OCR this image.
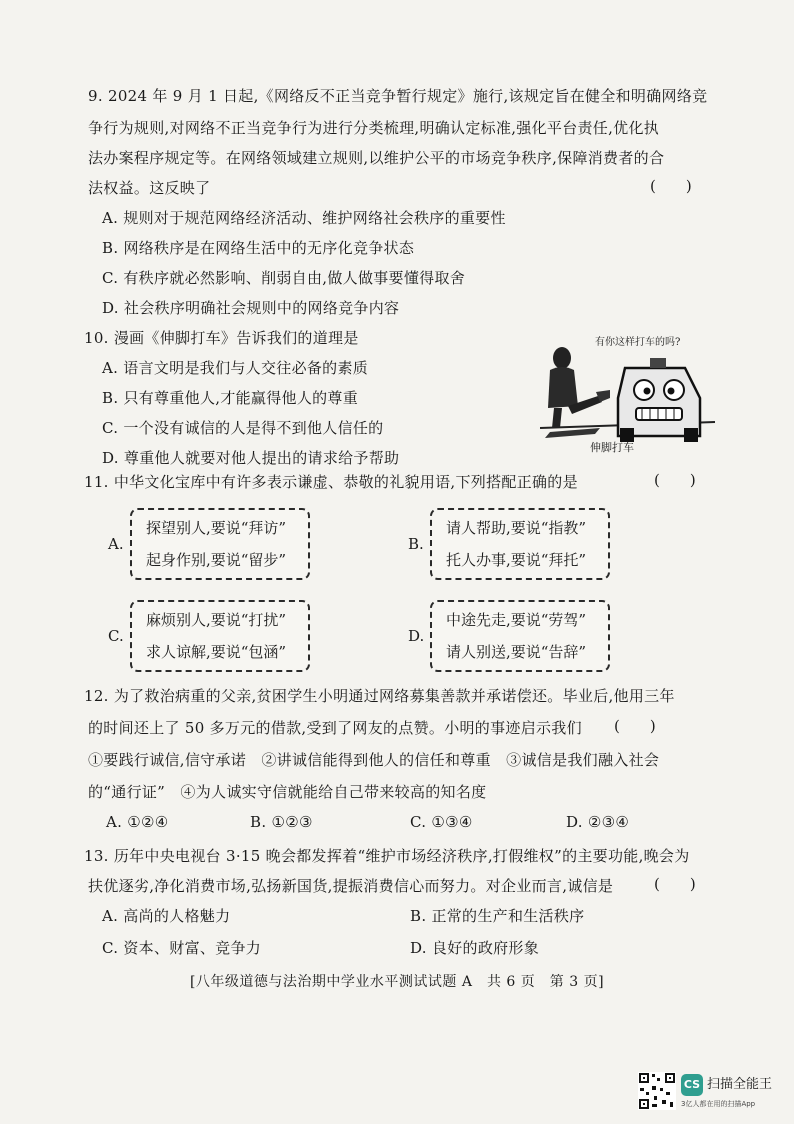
9. 2024 年 9 月 1 日起,《网络反不正当竞争暂行规定》施行,该规定旨在健全和明确网络竞
争行为规则,对网络不正当竞争行为进行分类梳理,明确认定标准,强化平台责任,优化执
法办案程序规定等。在网络领域建立规则,以维护公平的市场竞争秩序,保障消费者的合
法权益。这反映了	(　　)
A. 规则对于规范网络经济活动、维护网络社会秩序的重要性
B. 网络秩序是在网络生活中的无序化竞争状态
C. 有秩序就必然影响、削弱自由,做人做事要懂得取舍
D. 社会秩序明确社会规则中的网络竞争内容
10. 漫画《伸脚打车》告诉我们的道理是
A. 语言文明是我们与人交往必备的素质
B. 只有尊重他人,才能赢得他人的尊重
C. 一个没有诚信的人是得不到他人信任的
D. 尊重他人就要对他人提出的请求给予帮助
有你这样打车的吗?
伸脚打车
11. 中华文化宝库中有许多表示谦虚、恭敬的礼貌用语,下列搭配正确的是	(　　)
A.
探望别人,要说“拜访”
起身作别,要说“留步”
B.
请人帮助,要说“指教”
托人办事,要说“拜托”
C.
麻烦别人,要说“打扰”
求人谅解,要说“包涵”
D.
中途先走,要说“劳驾”
请人别送,要说“告辞”
12. 为了救治病重的父亲,贫困学生小明通过网络募集善款并承诺偿还。毕业后,他用三年
的时间还上了 50 多万元的借款,受到了网友的点赞。小明的事迹启示我们 (　　)
①要践行诚信,信守承诺　②讲诚信能得到他人的信任和尊重　③诚信是我们融入社会
的“通行证”　④为人诚实守信就能给自己带来较高的知名度
A. ①②④	B. ①②③	C. ①③④	D. ②③④
13. 历年中央电视台 3·15 晚会都发挥着“维护市场经济秩序,打假维权”的主要功能,晚会为
扶优逐劣,净化消费市场,弘扬新国货,提振消费信心而努力。对企业而言,诚信是	(　　)
A. 高尚的人格魅力	B. 正常的生产和生活秩序
C. 资本、财富、竞争力	D. 良好的政府形象
[八年级道德与法治期中学业水平测试试题 A　共 6 页　第 3 页]
CS 扫描全能王
3亿人都在用的扫描App
